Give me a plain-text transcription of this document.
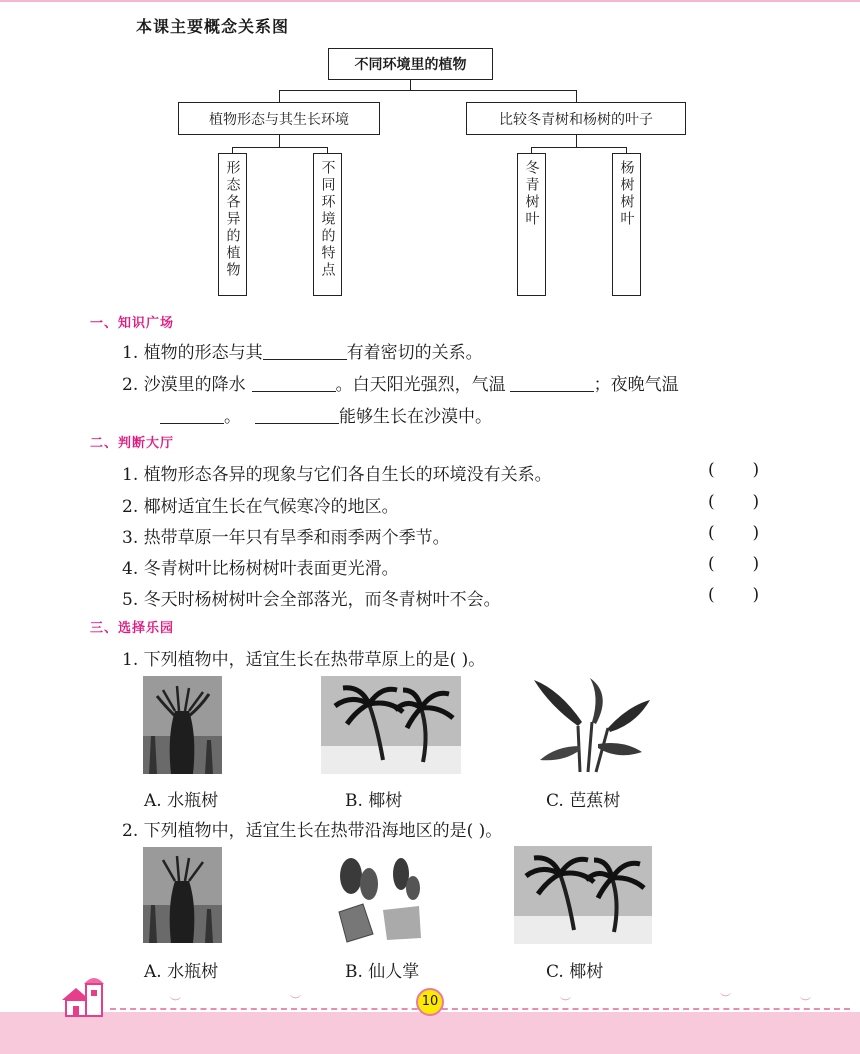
本课主要概念关系图
不同环境里的植物
植物形态与其生长环境	比较冬青树和杨树的叶子
形态各异的植物	不同环境的特点	冬青树叶	杨树树叶
一、知识广场
1. 植物的形态与其	有着密切的关系。
2. 沙漠里的降水	。白天阳光强烈，气温	；夜晚气温
。	能够生长在沙漠中。
二、判断大厅
1. 植物形态各异的现象与它们各自生长的环境没有关系。	(       )
2. 椰树适宜生长在气候寒冷的地区。	(       )
3. 热带草原一年只有旱季和雨季两个季节。	(       )
4. 冬青树叶比杨树树叶表面更光滑。	(       )
5. 冬天时杨树树叶会全部落光，而冬青树叶不会。	(       )
三、选择乐园
1. 下列植物中，适宜生长在热带草原上的是( )。
A. 水瓶树	B. 椰树	C. 芭蕉树
2. 下列植物中，适宜生长在热带沿海地区的是( )。
A. 水瓶树	B. 仙人掌	C. 椰树
10
︶	︶	︶	︶	︶
